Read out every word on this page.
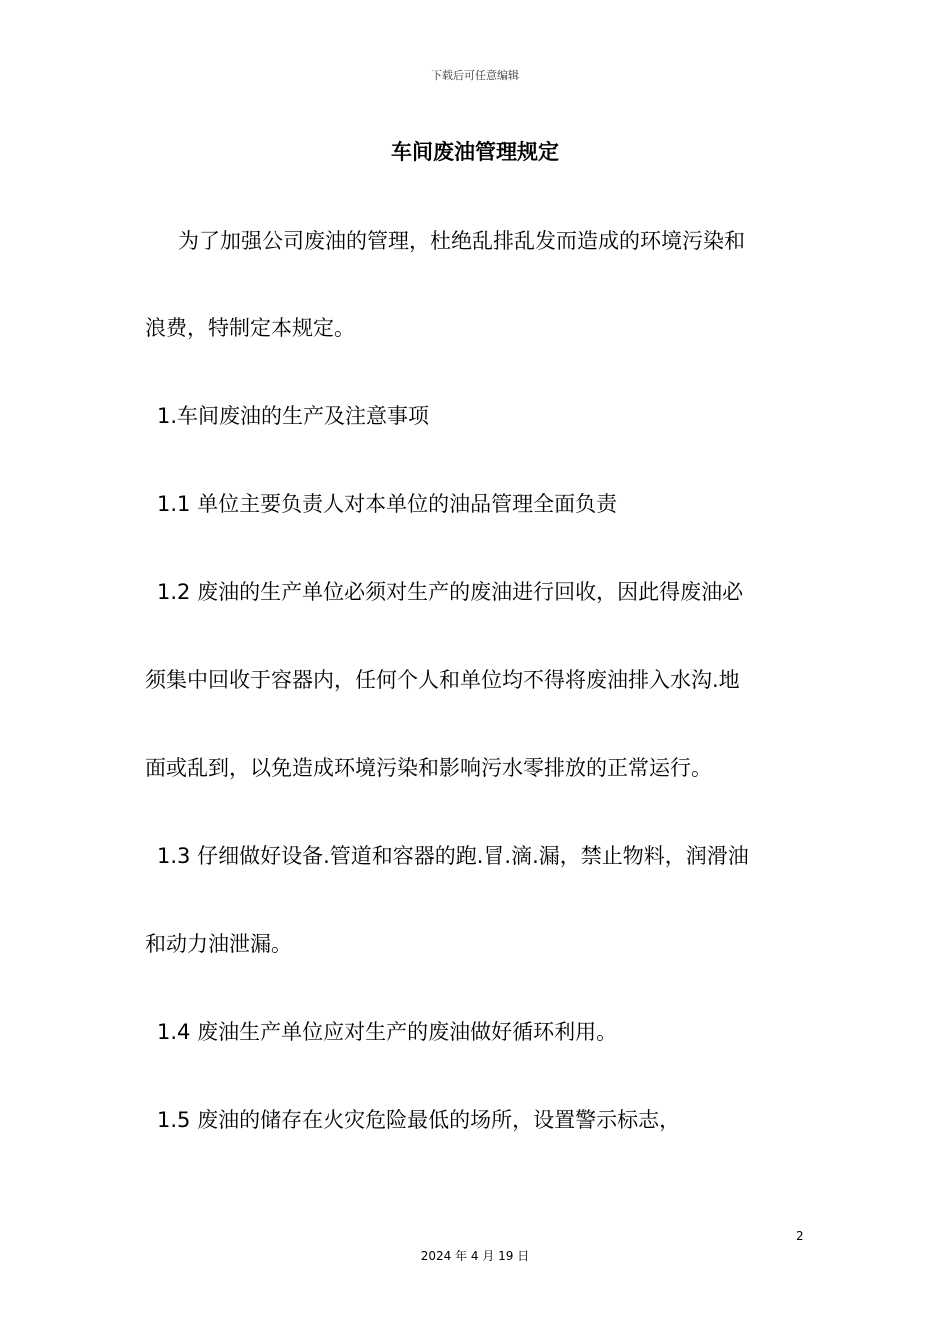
下载后可任意编辑
车间废油管理规定
为了加强公司废油的管理，杜绝乱排乱发而造成的环境污染和
浪费，特制定本规定。
1.车间废油的生产及注意事项
1.1 单位主要负责人对本单位的油品管理全面负责
1.2 废油的生产单位必须对生产的废油进行回收，因此得废油必
须集中回收于容器内，任何个人和单位均不得将废油排入水沟.地
面或乱到，以免造成环境污染和影响污水零排放的正常运行。
1.3 仔细做好设备.管道和容器的跑.冒.滴.漏，禁止物料，润滑油
和动力油泄漏。
1.4 废油生产单位应对生产的废油做好循环利用。
1.5 废油的储存在火灾危险最低的场所，设置警示标志，
2
2024 年 4 月 19 日
